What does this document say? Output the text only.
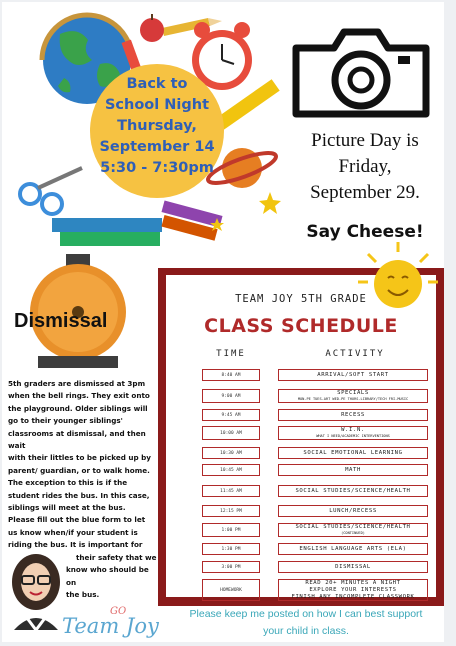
Back to
School Night
Thursday,
September 14
5:30 - 7:30pm
Picture Day is
Friday,
September 29.
Say Cheese!
Dismissal
5th graders are dismissed at 3pm
when the bell rings. They exit onto
the playground. Older siblings will
go to their younger siblings'
classrooms at dismissal, and then wait
with their littles to be picked up by
parent/ guardian, or to walk home.
The exception to this is if the
student rides the bus. In this case,
siblings will meet at the bus.
Please fill out the blue form to let
us know when/if your student is
riding the bus. It is important for
their safety that we
know who should be on
the bus.
GO
Team Joy
TEAM JOY 5TH GRADE
CLASS SCHEDULE
TIME	ACTIVITY
8:40 AM	ARRIVAL/SOFT START
9:00 AM	SPECIALS
MON-PE TUES-ART WED-PE THURS-LIBRARY/TECH FRI-MUSIC
9:45 AM	RECESS
10:00 AM	W.I.N.
WHAT I NEED/ACADEMIC INTERVENTIONS
10:30 AM	SOCIAL EMOTIONAL LEARNING
10:45 AM	MATH
11:45 AM	SOCIAL STUDIES/SCIENCE/HEALTH
12:15 PM	LUNCH/RECESS
1:00 PM	SOCIAL STUDIES/SCIENCE/HEALTH
(CONTINUED)
1:30 PM	ENGLISH LANGUAGE ARTS (ELA)
3:00 PM	DISMISSAL
HOMEWORK
READ 20+ MINUTES A NIGHT
EXPLORE YOUR INTERESTS
FINISH ANY INCOMPLETE CLASSWORK
Please keep me posted on how I can best support
your child in class.
